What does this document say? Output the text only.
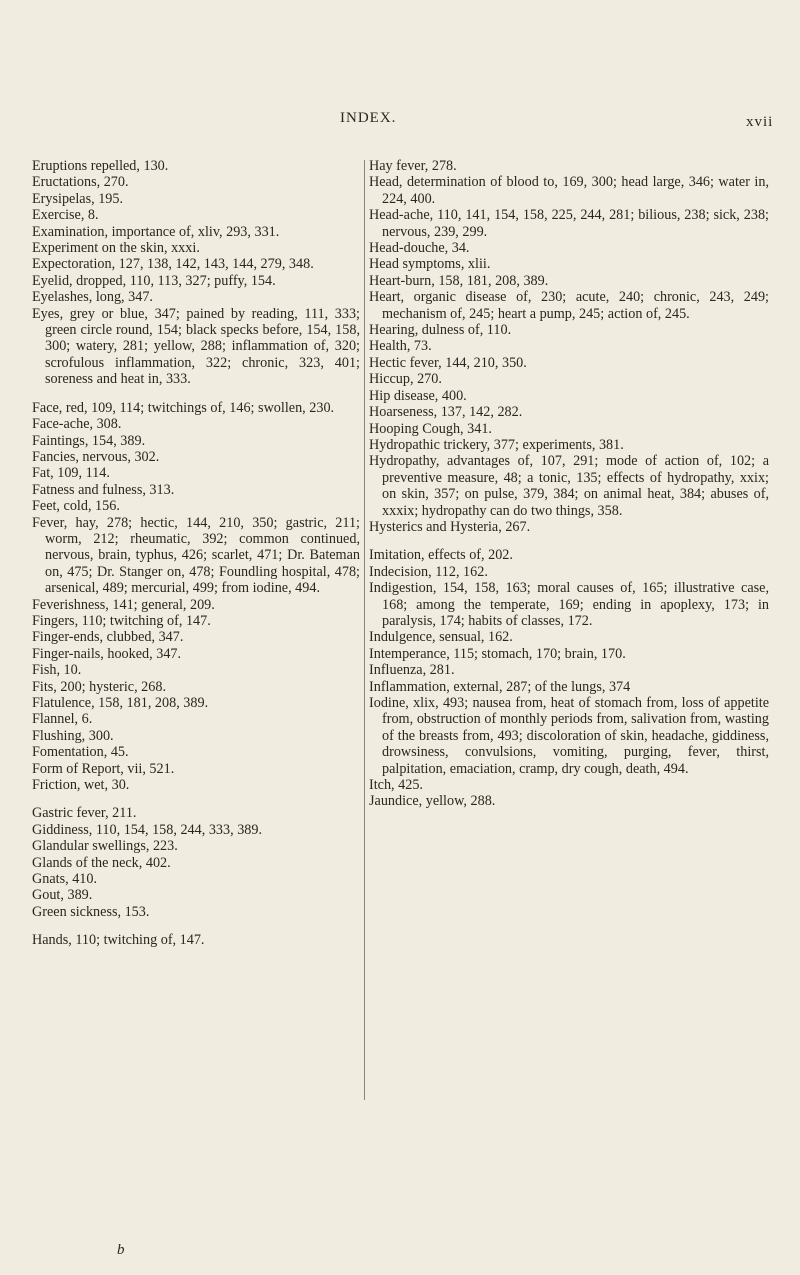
INDEX.	xvii
Eruptions repelled, 130.
Eructations, 270.
Erysipelas, 195.
Exercise, 8.
Examination, importance of, xliv, 293, 331.
Experiment on the skin, xxxi.
Expectoration, 127, 138, 142, 143, 144, 279, 348.
Eyelid, dropped, 110, 113, 327; puffy, 154.
Eyelashes, long, 347.
Eyes, grey or blue, 347; pained by reading, 111, 333; green circle round, 154; black specks before, 154, 158, 300; watery, 281; yellow, 288; inflammation of, 320; scrofulous inflammation, 322; chronic, 323, 401; soreness and heat in, 333.
Face, red, 109, 114; twitchings of, 146; swollen, 230.
Face-ache, 308.
Faintings, 154, 389.
Fancies, nervous, 302.
Fat, 109, 114.
Fatness and fulness, 313.
Feet, cold, 156.
Fever, hay, 278; hectic, 144, 210, 350; gastric, 211; worm, 212; rheumatic, 392; common continued, nervous, brain, typhus, 426; scarlet, 471; Dr. Bateman on, 475; Dr. Stanger on, 478; Foundling hospital, 478; arsenical, 489; mercurial, 499; from iodine, 494.
Feverishness, 141; general, 209.
Fingers, 110; twitching of, 147.
Finger-ends, clubbed, 347.
Finger-nails, hooked, 347.
Fish, 10.
Fits, 200; hysteric, 268.
Flatulence, 158, 181, 208, 389.
Flannel, 6.
Flushing, 300.
Fomentation, 45.
Form of Report, vii, 521.
Friction, wet, 30.
Gastric fever, 211.
Giddiness, 110, 154, 158, 244, 333, 389.
Glandular swellings, 223.
Glands of the neck, 402.
Gnats, 410.
Gout, 389.
Green sickness, 153.
Hands, 110; twitching of, 147.
Hay fever, 278.
Head, determination of blood to, 169, 300; head large, 346; water in, 224, 400.
Head-ache, 110, 141, 154, 158, 225, 244, 281; bilious, 238; sick, 238; nervous, 239, 299.
Head-douche, 34.
Head symptoms, xlii.
Heart-burn, 158, 181, 208, 389.
Heart, organic disease of, 230; acute, 240; chronic, 243, 249; mechanism of, 245; heart a pump, 245; action of, 245.
Hearing, dulness of, 110.
Health, 73.
Hectic fever, 144, 210, 350.
Hiccup, 270.
Hip disease, 400.
Hoarseness, 137, 142, 282.
Hooping Cough, 341.
Hydropathic trickery, 377; experiments, 381.
Hydropathy, advantages of, 107, 291; mode of action of, 102; a preventive measure, 48; a tonic, 135; effects of hydropathy, xxix; on skin, 357; on pulse, 379, 384; on animal heat, 384; abuses of, xxxix; hydropathy can do two things, 358.
Hysterics and Hysteria, 267.
Imitation, effects of, 202.
Indecision, 112, 162.
Indigestion, 154, 158, 163; moral causes of, 165; illustrative case, 168; among the temperate, 169; ending in apoplexy, 173; in paralysis, 174; habits of classes, 172.
Indulgence, sensual, 162.
Intemperance, 115; stomach, 170; brain, 170.
Influenza, 281.
Inflammation, external, 287; of the lungs, 374
Iodine, xlix, 493; nausea from, heat of stomach from, loss of appetite from, obstruction of monthly periods from, salivation from, wasting of the breasts from, 493; discoloration of skin, headache, giddiness, drowsiness, convulsions, vomiting, purging, fever, thirst, palpitation, emaciation, cramp, dry cough, death, 494.
Itch, 425.
Jaundice, yellow, 288.
b
